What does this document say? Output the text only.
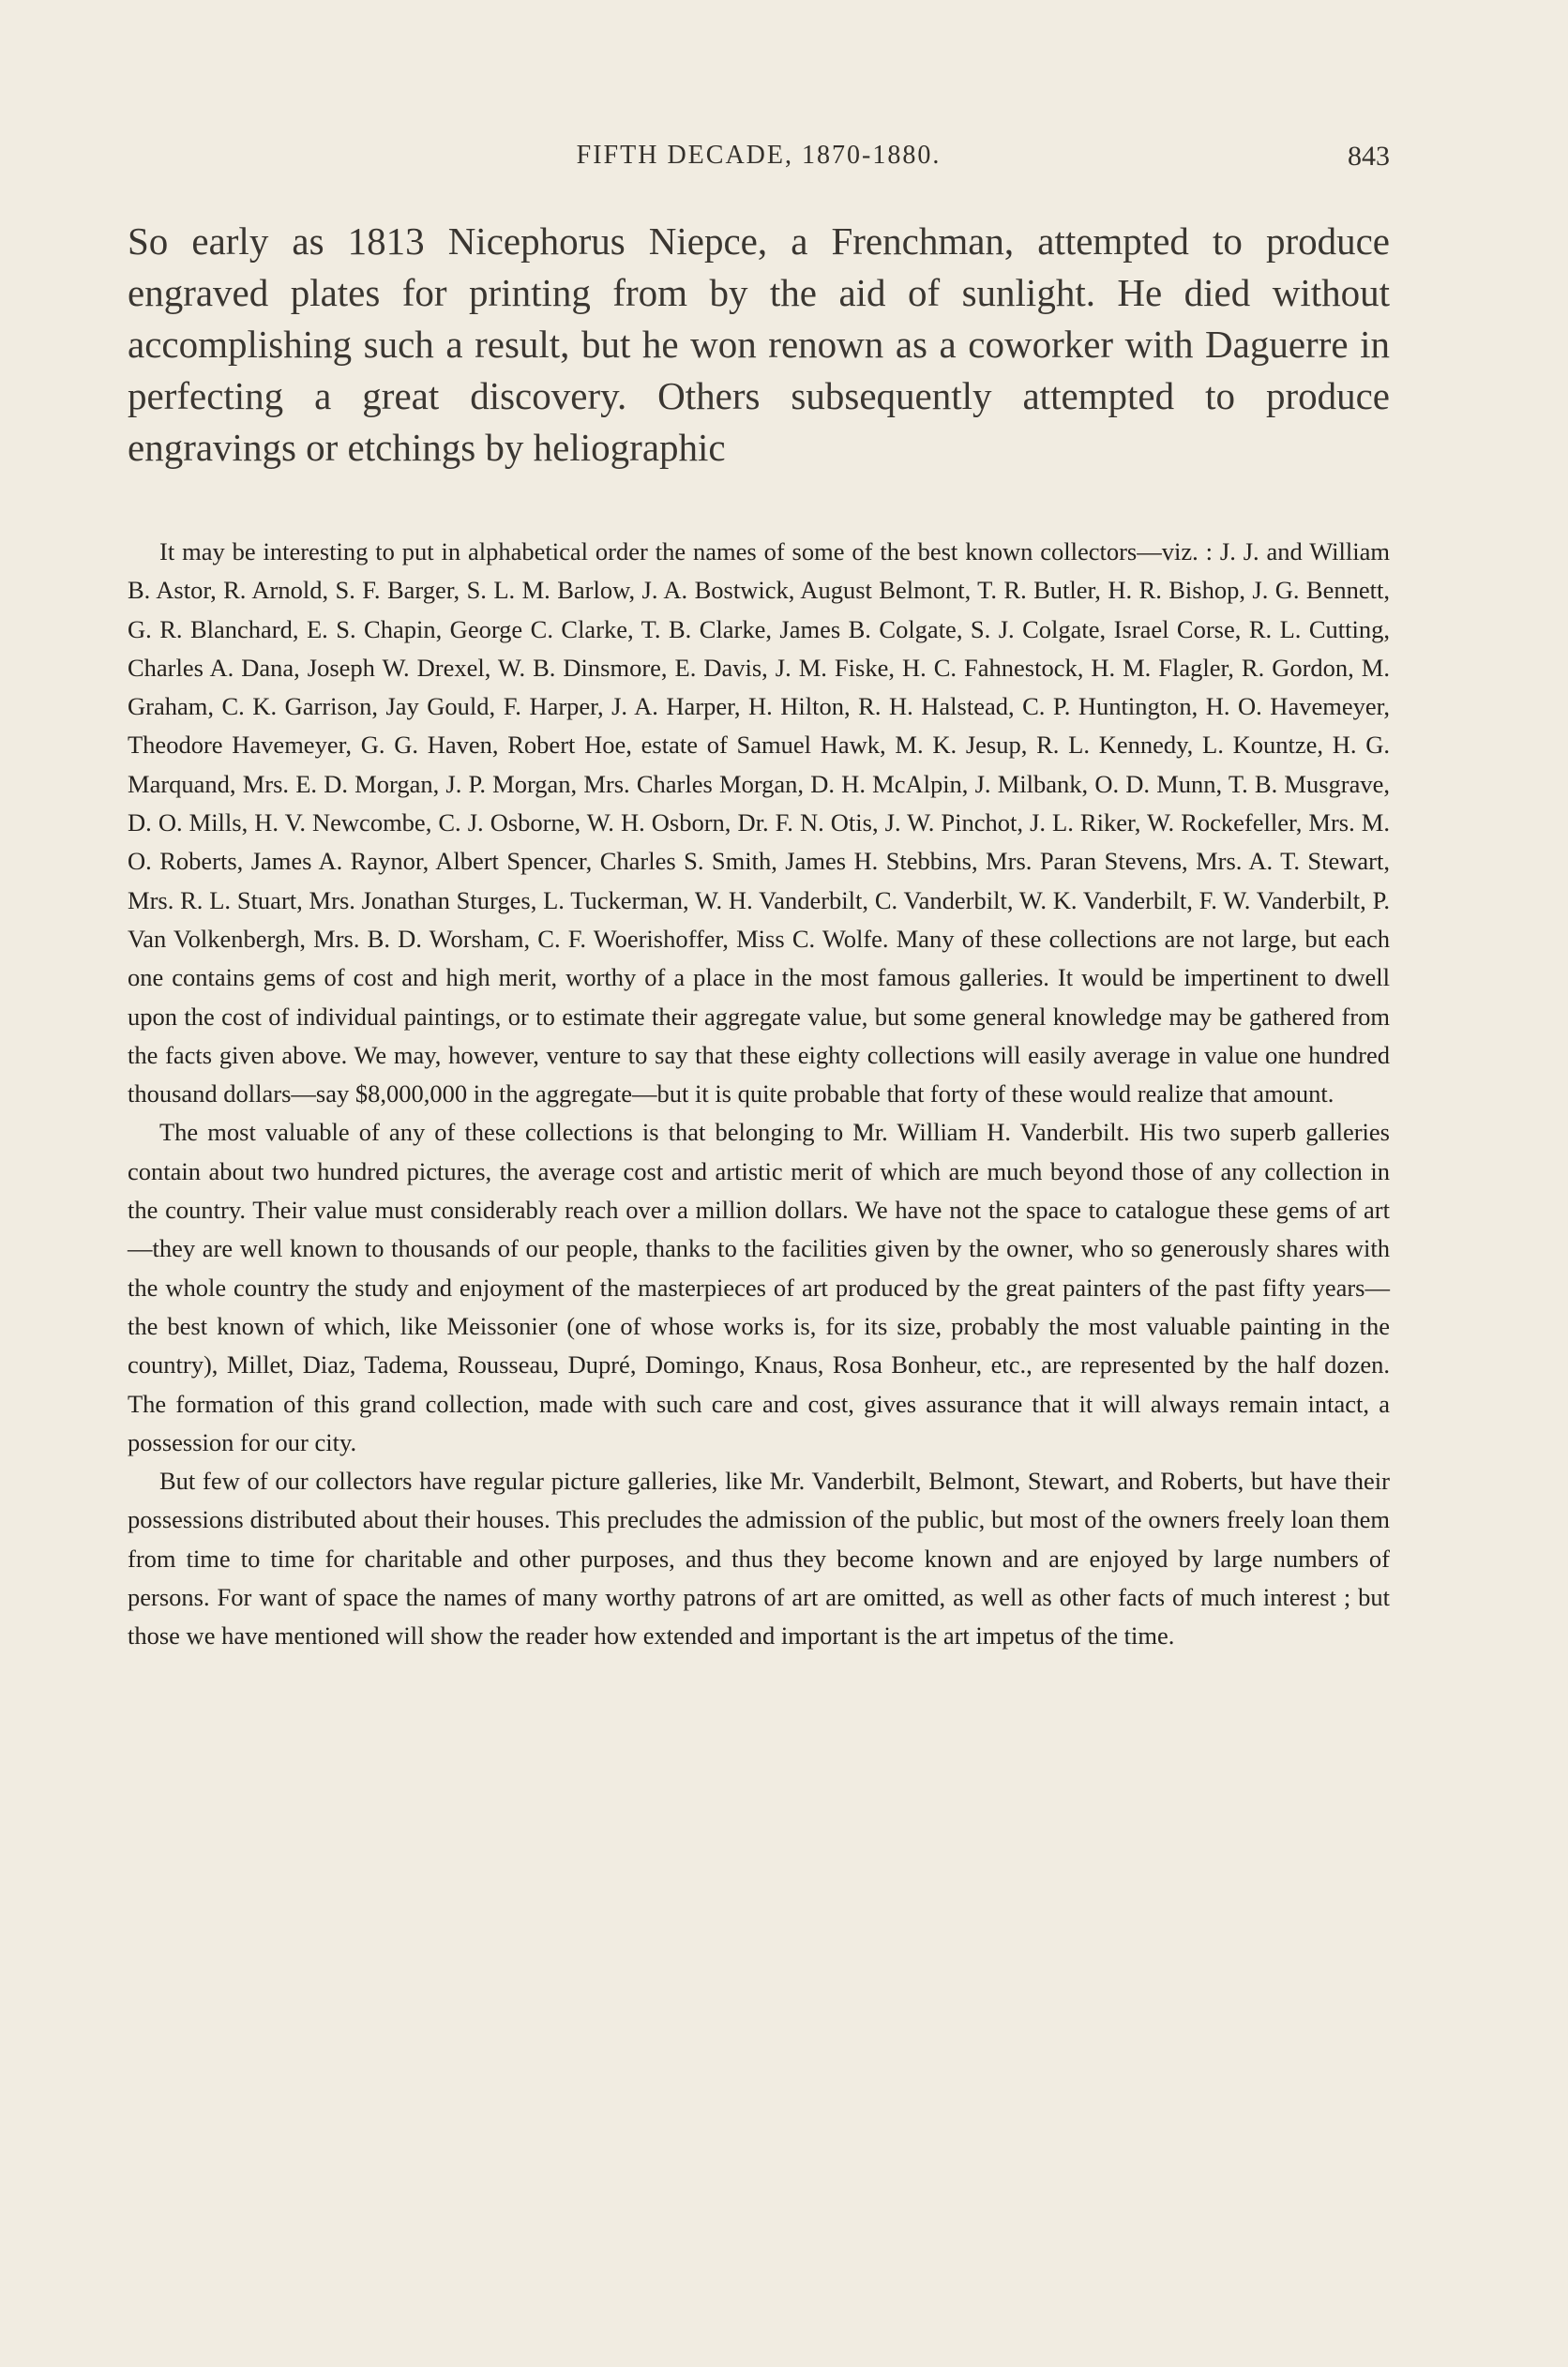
FIFTH DECADE, 1870-1880.	843
So early as 1813 Nicephorus Niepce, a Frenchman, attempted to produce engraved plates for printing from by the aid of sunlight. He died without accomplishing such a result, but he won renown as a coworker with Daguerre in perfecting a great discovery. Others subsequently attempted to produce engravings or etchings by heliographic

It may be interesting to put in alphabetical order the names of some of the best known collectors—viz. : J. J. and William B. Astor, R. Arnold, S. F. Barger, S. L. M. Barlow, J. A. Bostwick, August Belmont, T. R. Butler, H. R. Bishop, J. G. Bennett, G. R. Blanchard, E. S. Chapin, George C. Clarke, T. B. Clarke, James B. Colgate, S. J. Colgate, Israel Corse, R. L. Cutting, Charles A. Dana, Joseph W. Drexel, W. B. Dinsmore, E. Davis, J. M. Fiske, H. C. Fahnestock, H. M. Flagler, R. Gordon, M. Graham, C. K. Garrison, Jay Gould, F. Harper, J. A. Harper, H. Hilton, R. H. Halstead, C. P. Huntington, H. O. Havemeyer, Theodore Havemeyer, G. G. Haven, Robert Hoe, estate of Samuel Hawk, M. K. Jesup, R. L. Kennedy, L. Kountze, H. G. Marquand, Mrs. E. D. Morgan, J. P. Morgan, Mrs. Charles Morgan, D. H. McAlpin, J. Milbank, O. D. Munn, T. B. Musgrave, D. O. Mills, H. V. Newcombe, C. J. Osborne, W. H. Osborn, Dr. F. N. Otis, J. W. Pinchot, J. L. Riker, W. Rockefeller, Mrs. M. O. Roberts, James A. Raynor, Albert Spencer, Charles S. Smith, James H. Stebbins, Mrs. Paran Stevens, Mrs. A. T. Stewart, Mrs. R. L. Stuart, Mrs. Jonathan Sturges, L. Tuckerman, W. H. Vanderbilt, C. Vanderbilt, W. K. Vanderbilt, F. W. Vanderbilt, P. Van Volkenbergh, Mrs. B. D. Worsham, C. F. Woerishoffer, Miss C. Wolfe. Many of these collections are not large, but each one contains gems of cost and high merit, worthy of a place in the most famous galleries. It would be impertinent to dwell upon the cost of individual paintings, or to estimate their aggregate value, but some general knowledge may be gathered from the facts given above. We may, however, venture to say that these eighty collections will easily average in value one hundred thousand dollars—say $8,000,000 in the aggregate—but it is quite probable that forty of these would realize that amount.

The most valuable of any of these collections is that belonging to Mr. William H. Vanderbilt. His two superb galleries contain about two hundred pictures, the average cost and artistic merit of which are much beyond those of any collection in the country. Their value must considerably reach over a million dollars. We have not the space to catalogue these gems of art—they are well known to thousands of our people, thanks to the facilities given by the owner, who so generously shares with the whole country the study and enjoyment of the masterpieces of art produced by the great painters of the past fifty years—the best known of which, like Meissonier (one of whose works is, for its size, probably the most valuable painting in the country), Millet, Diaz, Tadema, Rousseau, Dupré, Domingo, Knaus, Rosa Bonheur, etc., are represented by the half dozen. The formation of this grand collection, made with such care and cost, gives assurance that it will always remain intact, a possession for our city.

But few of our collectors have regular picture galleries, like Mr. Vanderbilt, Belmont, Stewart, and Roberts, but have their possessions distributed about their houses. This precludes the admission of the public, but most of the owners freely loan them from time to time for charitable and other purposes, and thus they become known and are enjoyed by large numbers of persons. For want of space the names of many worthy patrons of art are omitted, as well as other facts of much interest ; but those we have mentioned will show the reader how extended and important is the art impetus of the time.
